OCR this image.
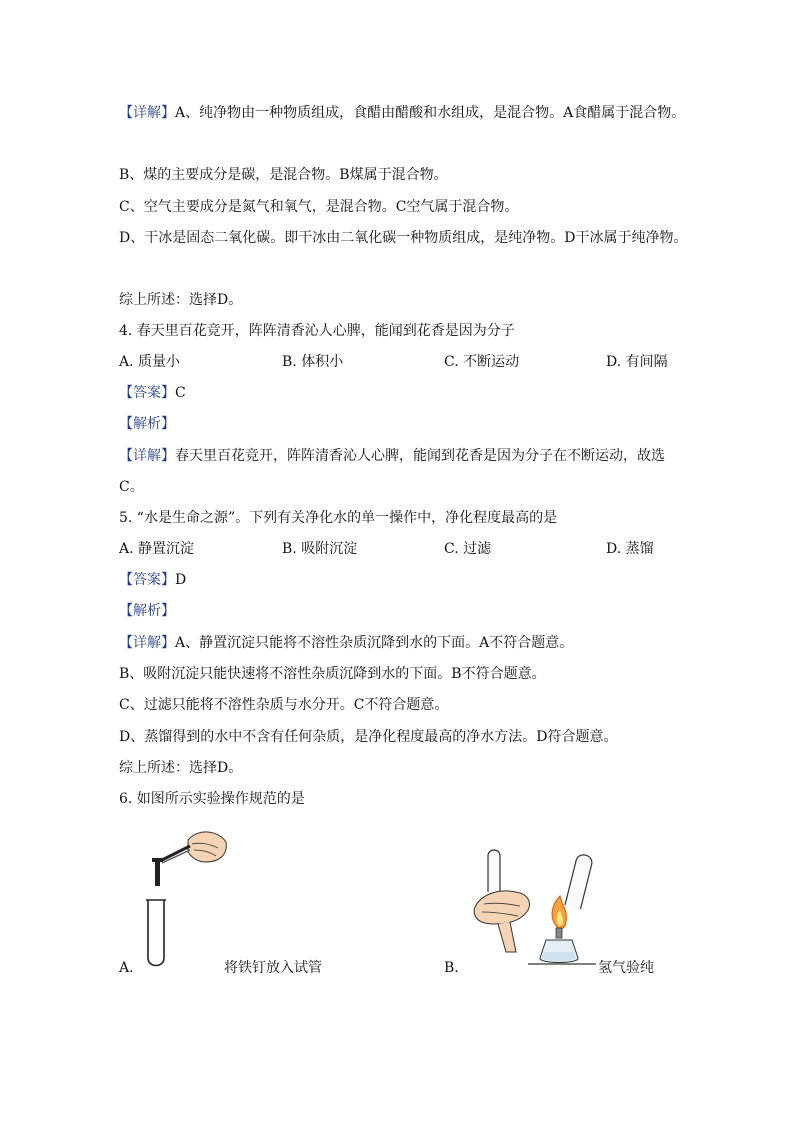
【详解】A、纯净物由一种物质组成，食醋由醋酸和水组成，是混合物。A食醋属于混合物。
B、煤的主要成分是碳，是混合物。B煤属于混合物。
C、空气主要成分是氮气和氧气，是混合物。C空气属于混合物。
D、干冰是固态二氧化碳。即干冰由二氧化碳一种物质组成，是纯净物。D干冰属于纯净物。
综上所述：选择D。
4. 春天里百花竞开，阵阵清香沁人心脾，能闻到花香是因为分子
A. 质量小	B. 体积小	C. 不断运动	D. 有间隔
【答案】C
【解析】
【详解】春天里百花竞开，阵阵清香沁人心脾，能闻到花香是因为分子在不断运动，故选
C。
5. “水是生命之源”。下列有关净化水的单一操作中，净化程度最高的是
A. 静置沉淀	B. 吸附沉淀	C. 过滤	D. 蒸馏
【答案】D
【解析】
【详解】A、静置沉淀只能将不溶性杂质沉降到水的下面。A不符合题意。
B、吸附沉淀只能快速将不溶性杂质沉降到水的下面。B不符合题意。
C、过滤只能将不溶性杂质与水分开。C不符合题意。
D、蒸馏得到的水中不含有任何杂质，是净化程度最高的净水方法。D符合题意。
综上所述：选择D。
6. 如图所示实验操作规范的是
A.	将铁钉放入试管	B.	氢气验纯
